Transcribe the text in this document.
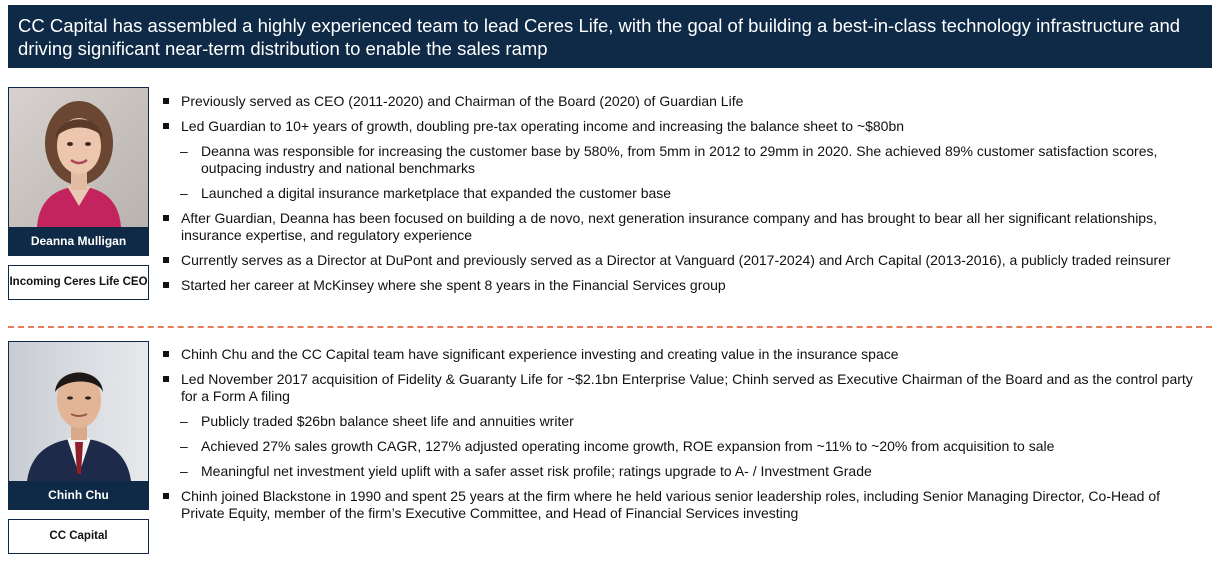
CC Capital has assembled a highly experienced team to lead Ceres Life, with the goal of building a best-in-class technology infrastructure and driving significant near-term distribution to enable the sales ramp
Deanna Mulligan
Incoming Ceres Life CEO
Previously served as CEO (2011-2020) and Chairman of the Board (2020) of Guardian Life
Led Guardian to 10+ years of growth, doubling pre-tax operating income and increasing the balance sheet to ~$80bn
– Deanna was responsible for increasing the customer base by 580%, from 5mm in 2012 to 29mm in 2020. She achieved 89% customer satisfaction scores, outpacing industry and national benchmarks
– Launched a digital insurance marketplace that expanded the customer base
After Guardian, Deanna has been focused on building a de novo, next generation insurance company and has brought to bear all her significant relationships, insurance expertise, and regulatory experience
Currently serves as a Director at DuPont and previously served as a Director at Vanguard (2017-2024) and Arch Capital (2013-2016), a publicly traded reinsurer
Started her career at McKinsey where she spent 8 years in the Financial Services group
Chinh Chu
CC Capital
Chinh Chu and the CC Capital team have significant experience investing and creating value in the insurance space
Led November 2017 acquisition of Fidelity & Guaranty Life for ~$2.1bn Enterprise Value; Chinh served as Executive Chairman of the Board and as the control party for a Form A filing
– Publicly traded $26bn balance sheet life and annuities writer
– Achieved 27% sales growth CAGR, 127% adjusted operating income growth, ROE expansion from ~11% to ~20% from acquisition to sale
– Meaningful net investment yield uplift with a safer asset risk profile; ratings upgrade to A- / Investment Grade
Chinh joined Blackstone in 1990 and spent 25 years at the firm where he held various senior leadership roles, including Senior Managing Director, Co-Head of Private Equity, member of the firm’s Executive Committee, and Head of Financial Services investing
